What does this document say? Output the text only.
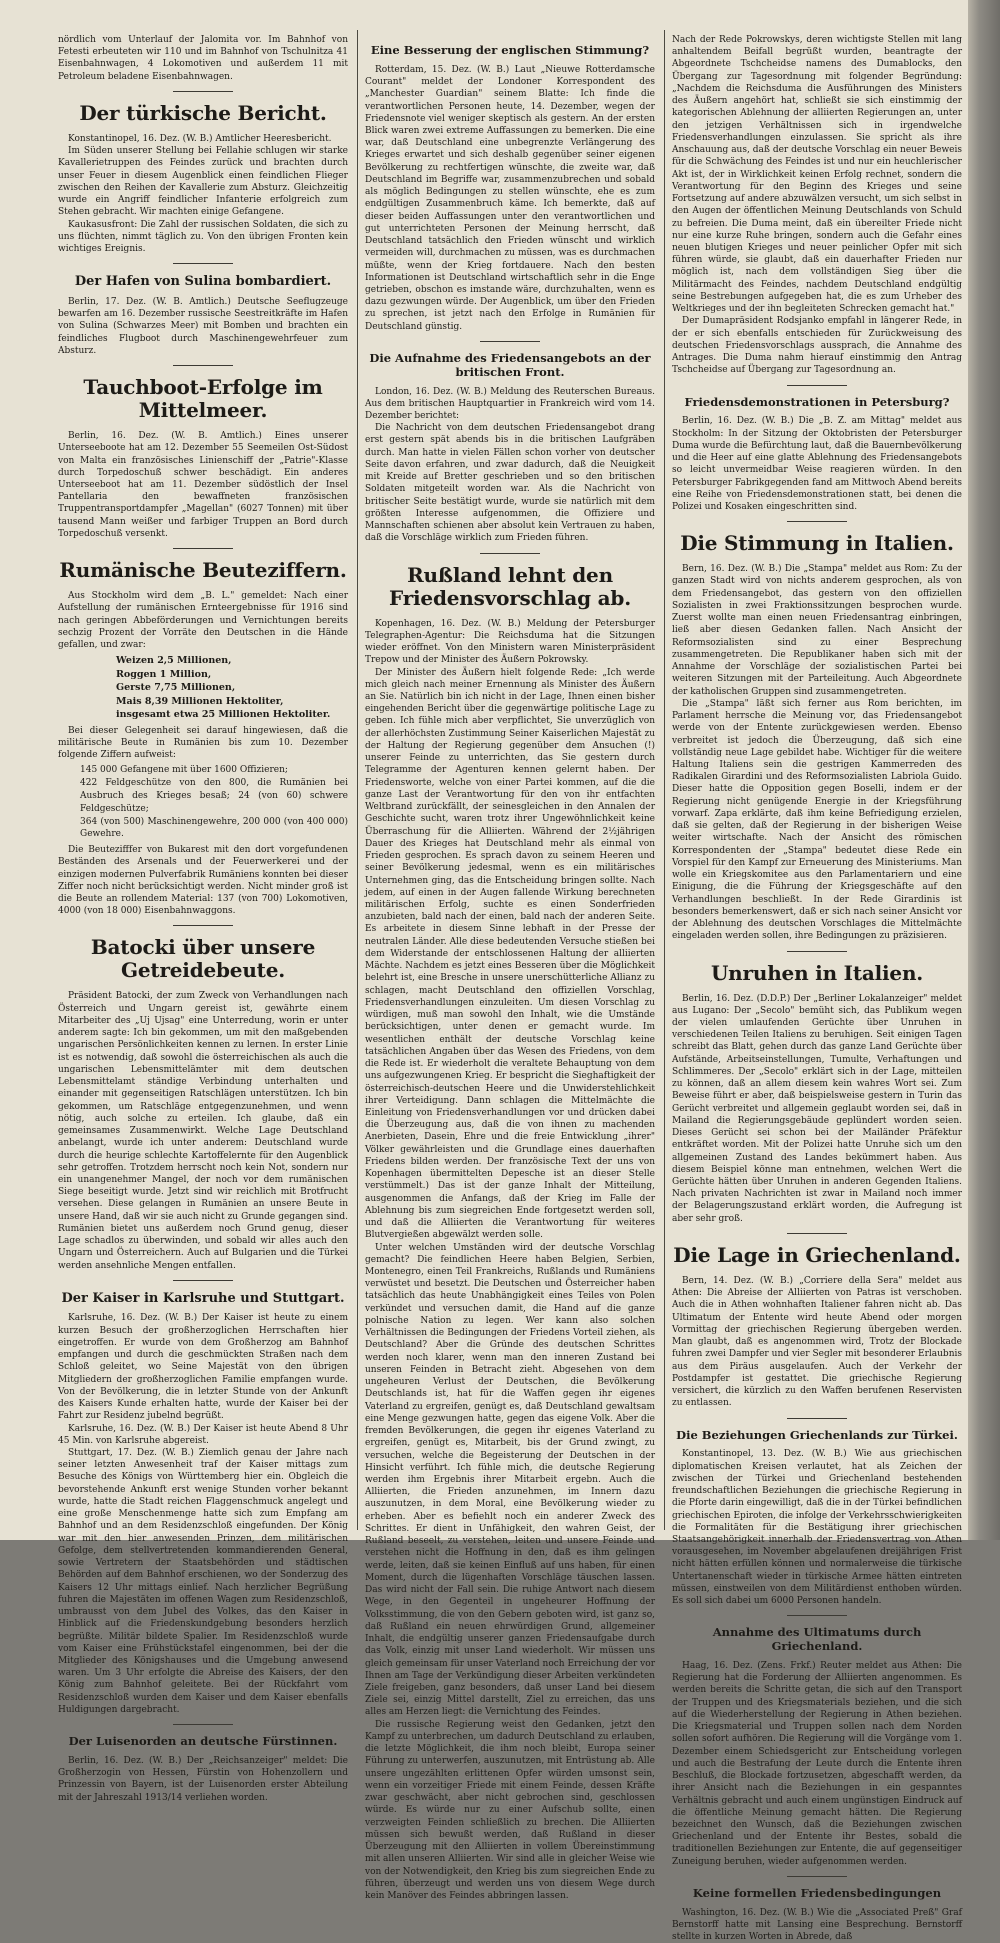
nördlich vom Unterlauf der Jalomita vor. Im Bahnhof von Fetesti erbeuteten wir 110 und im Bahnhof von Tschulnitza 41 Eisenbahnwagen, 4 Lokomotiven und außerdem 11 mit Petroleum beladene Eisenbahnwagen.

Der türkische Bericht.

Konstantinopel, 16. Dez. (W. B.) Amtlicher Heeresbericht.

Im Süden unserer Stellung bei Fellahie schlugen wir starke Kavallerietruppen des Feindes zurück und brachten durch unser Feuer in diesem Augenblick einen feindlichen Flieger zwischen den Reihen der Kavallerie zum Absturz. Gleichzeitig wurde ein Angriff feindlicher Infanterie erfolgreich zum Stehen gebracht. Wir machten einige Gefangene.

Kaukasusfront: Die Zahl der russischen Soldaten, die sich zu uns flüchten, nimmt täglich zu. Von den übrigen Fronten kein wichtiges Ereignis.

Der Hafen von Sulina bombardiert.

Berlin, 17. Dez. (W. B. Amtlich.) Deutsche Seeflugzeuge bewarfen am 16. Dezember russische Seestreitkräfte im Hafen von Sulina (Schwarzes Meer) mit Bomben und brachten ein feindliches Flugboot durch Maschinengewehrfeuer zum Absturz.

Tauchboot-Erfolge im Mittelmeer.

Berlin, 16. Dez. (W. B. Amtlich.) Eines unserer Unterseeboote hat am 12. Dezember 55 Seemeilen Ost-Südost von Malta ein französisches Linienschiff der „Patrie"-Klasse durch Torpedoschuß schwer beschädigt. Ein anderes Unterseeboot hat am 11. Dezember südöstlich der Insel Pantellaria den bewaffneten französischen Truppentransportdampfer „Magellan" (6027 Tonnen) mit über tausend Mann weißer und farbiger Truppen an Bord durch Torpedoschuß versenkt.

Rumänische Beuteziffern.

Aus Stockholm wird dem „B. L." gemeldet: Nach einer Aufstellung der rumänischen Ernteergebnisse für 1916 sind nach geringen Abbeförderungen und Vernichtungen bereits sechzig Prozent der Vorräte den Deutschen in die Hände gefallen, und zwar:

Weizen 2,5 Millionen,
Roggen 1 Million,
Gerste 7,75 Millionen,
Mais 8,39 Millionen Hektoliter,
insgesamt etwa 25 Millionen Hektoliter.

Bei dieser Gelegenheit sei darauf hingewiesen, daß die militärische Beute in Rumänien bis zum 10. Dezember folgende Ziffern aufweist:

145 000 Gefangene mit über 1600 Offizieren;
422 Feldgeschütze von den 800, die Rumänien bei Ausbruch des Krieges besaß; 24 (von 60) schwere Feldgeschütze;
364 (von 500) Maschinengewehre, 200 000 (von 400 000) Gewehre.

Die Beutezifffer von Bukarest mit den dort vorgefundenen Beständen des Arsenals und der Feuerwerkerei und der einzigen modernen Pulverfabrik Rumäniens konnten bei dieser Ziffer noch nicht berücksichtigt werden. Nicht minder groß ist die Beute an rollendem Material: 137 (von 700) Lokomotiven, 4000 (von 18 000) Eisenbahnwaggons.

Batocki über unsere Getreidebeute.

Präsident Batocki, der zum Zweck von Verhandlungen nach Österreich und Ungarn gereist ist, gewährte einem Mitarbeiter des „Uj Ujsag" eine Unterredung, worin er unter anderem sagte: Ich bin gekommen, um mit den maßgebenden ungarischen Persönlichkeiten kennen zu lernen. In erster Linie ist es notwendig, daß sowohl die österreichischen als auch die ungarischen Lebensmittelämter mit dem deutschen Lebensmittelamt ständige Verbindung unterhalten und einander mit gegenseitigen Ratschlägen unterstützen. Ich bin gekommen, um Ratschläge entgegenzunehmen, und wenn nötig, auch solche zu erteilen. Ich glaube, daß ein gemeinsames Zusammenwirkt. Welche Lage Deutschland anbelangt, wurde ich unter anderem: Deutschland wurde durch die heurige schlechte Kartoffelernte für den Augenblick sehr getroffen. Trotzdem herrscht noch kein Not, sondern nur ein unangenehmer Mangel, der noch vor dem rumänischen Siege beseitigt wurde. Jetzt sind wir reichlich mit Brotfrucht versehen. Diese gelangen in Rumänien an unsere Beute in unsere Hand, daß wir sie auch nicht zu Grunde gegangen sind. Rumänien bietet uns außerdem noch Grund genug, dieser Lage schadlos zu überwinden, und sobald wir alles auch den Ungarn und Österreichern. Auch auf Bulgarien und die Türkei werden ansehnliche Mengen entfallen.

Der Kaiser in Karlsruhe und Stuttgart.

Karlsruhe, 16. Dez. (W. B.) Der Kaiser ist heute zu einem kurzen Besuch der großherzoglichen Herrschaften hier eingetroffen. Er wurde von dem Großherzog am Bahnhof empfangen und durch die geschmückten Straßen nach dem Schloß geleitet, wo Seine Majestät von den übrigen Mitgliedern der großherzoglichen Familie empfangen wurde. Von der Bevölkerung, die in letzter Stunde von der Ankunft des Kaisers Kunde erhalten hatte, wurde der Kaiser bei der Fahrt zur Residenz jubelnd begrüßt.

Karlsruhe, 16. Dez. (W. B.) Der Kaiser ist heute Abend 8 Uhr 45 Min. von Karlsruhe abgereist.

Stuttgart, 17. Dez. (W. B.) Ziemlich genau der Jahre nach seiner letzten Anwesenheit traf der Kaiser mittags zum Besuche des Königs von Württemberg hier ein. Obgleich die bevorstehende Ankunft erst wenige Stunden vorher bekannt wurde, hatte die Stadt reichen Flaggenschmuck angelegt und eine große Menschenmenge hatte sich zum Empfang am Bahnhof und an dem Residenzschloß eingefunden. Der König war mit den hier anwesenden Prinzen, dem militärischen Gefolge, dem stellvertretenden kommandierenden General, sowie Vertretern der Staatsbehörden und städtischen Behörden auf dem Bahnhof erschienen, wo der Sonderzug des Kaisers 12 Uhr mittags einlief. Nach herzlicher Begrüßung fuhren die Majestäten im offenen Wagen zum Residenzschloß, umbrausst von dem Jubel des Volkes, das den Kaiser in Hinblick auf die Friedenskundgebung besonders herzlich begrüßte. Militär bildete Spalier. Im Residenzschloß wurde vom Kaiser eine Frühstückstafel eingenommen, bei der die Mitglieder des Königshauses und die Umgebung anwesend waren. Um 3 Uhr erfolgte die Abreise des Kaisers, der den König zum Bahnhof geleitete. Bei der Rückfahrt vom Residenzschloß wurden dem Kaiser und dem Kaiser ebenfalls Huldigungen dargebracht.

Der Luisenorden an deutsche Fürstinnen.

Berlin, 16. Dez. (W. B.) Der „Reichsanzeiger" meldet: Die Großherzogin von Hessen, Fürstin von Hohenzollern und Prinzessin von Bayern, ist der Luisenorden erster Abteilung mit der Jahreszahl 1913/14 verliehen worden.

Eine Besserung der englischen Stimmung?

Rotterdam, 15. Dez. (W. B.) Laut „Nieuwe Rotterdamsche Courant" meldet der Londoner Korrespondent des „Manchester Guardian" seinem Blatte: Ich finde die verantwortlichen Personen heute, 14. Dezember, wegen der Friedensnote viel weniger skeptisch als gestern. An der ersten Blick waren zwei extreme Auffassungen zu bemerken. Die eine war, daß Deutschland eine unbegrenzte Verlängerung des Krieges erwartet und sich deshalb gegenüber seiner eigenen Bevölkerung zu rechtfertigen wünschte, die zweite war, daß Deutschland im Begriffe war, zusammenzubrechen und sobald als möglich Bedingungen zu stellen wünschte, ehe es zum endgültigen Zusammenbruch käme. Ich bemerkte, daß auf dieser beiden Auffassungen unter den verantwortlichen und gut unterrichteten Personen der Meinung herrscht, daß Deutschland tatsächlich den Frieden wünscht und wirklich vermeiden will, durchmachen zu müssen, was es durchmachen müßte, wenn der Krieg fortdauere. Nach den besten Informationen ist Deutschland wirtschaftlich sehr in die Enge getrieben, obschon es imstande wäre, durchzuhalten, wenn es dazu gezwungen würde. Der Augenblick, um über den Frieden zu sprechen, ist jetzt nach den Erfolge in Rumänien für Deutschland günstig.

Die Aufnahme des Friedensangebots an der britischen Front.

London, 16. Dez. (W. B.) Meldung des Reuterschen Bureaus. Aus dem britischen Hauptquartier in Frankreich wird vom 14. Dezember berichtet:

Die Nachricht von dem deutschen Friedensangebot drang erst gestern spät abends bis in die britischen Laufgräben durch. Man hatte in vielen Fällen schon vorher von deutscher Seite davon erfahren, und zwar dadurch, daß die Neuigkeit mit Kreide auf Bretter geschrieben und so den britischen Soldaten mitgeteilt worden war. Als die Nachricht von britischer Seite bestätigt wurde, wurde sie natürlich mit dem größten Interesse aufgenommen, die Offiziere und Mannschaften schienen aber absolut kein Vertrauen zu haben, daß die Vorschläge wirklich zum Frieden führen.

Rußland lehnt den Friedensvorschlag ab.

Kopenhagen, 16. Dez. (W. B.) Meldung der Petersburger Telegraphen-Agentur: Die Reichsduma hat die Sitzungen wieder eröffnet. Von den Ministern waren Ministerpräsident Trepow und der Minister des Äußern Pokrowsky.

Der Minister des Äußern hielt folgende Rede: „Ich werde mich gleich nach meiner Ernennung als Minister des Äußern an Sie. Natürlich bin ich nicht in der Lage, Ihnen einen bisher eingehenden Bericht über die gegenwärtige politische Lage zu geben. Ich fühle mich aber verpflichtet, Sie unverzüglich von der allerhöchsten Zustimmung Seiner Kaiserlichen Majestät zu der Haltung der Regierung gegenüber dem Ansuchen (!) unserer Feinde zu unterrichten, das Sie gestern durch Telegramme der Agenturen kennen gelernt haben. Der Friedensworte, welche von einer Partei kommen, auf die die ganze Last der Verantwortung für den von ihr entfachten Weltbrand zurückfällt, der seinesgleichen in den Annalen der Geschichte sucht, waren trotz ihrer Ungewöhnlichkeit keine Überraschung für die Alliierten. Während der 2½jährigen Dauer des Krieges hat Deutschland mehr als einmal von Frieden gesprochen. Es sprach davon zu seinem Heeren und seiner Bevölkerung jedesmal, wenn es ein militärisches Unternehmen ging, das die Entscheidung bringen sollte. Nach jedem, auf einen in der Augen fallende Wirkung berechneten militärischen Erfolg, suchte es einen Sonderfrieden anzubieten, bald nach der einen, bald nach der anderen Seite. Es arbeitete in diesem Sinne lebhaft in der Presse der neutralen Länder. Alle diese bedeutenden Versuche stießen bei dem Widerstande der entschlossenen Haltung der alliierten Mächte. Nachdem es jetzt eines Besseren über die Möglichkeit belehrt ist, eine Bresche in unsere unerschütterliche Allianz zu schlagen, macht Deutschland den offiziellen Vorschlag, Friedensverhandlungen einzuleiten. Um diesen Vorschlag zu würdigen, muß man sowohl den Inhalt, wie die Umstände berücksichtigen, unter denen er gemacht wurde. Im wesentlichen enthält der deutsche Vorschlag keine tatsächlichen Angaben über das Wesen des Friedens, von dem die Rede ist. Er wiederholt die veraltete Behauptung von dem uns aufgezwungenen Krieg. Er bespricht die Sieghaftigkeit der österreichisch-deutschen Heere und die Unwiderstehlichkeit ihrer Verteidigung. Dann schlagen die Mittelmächte die Einleitung von Friedensverhandlungen vor und drücken dabei die Überzeugung aus, daß die von ihnen zu machenden Anerbieten, Dasein, Ehre und die freie Entwicklung „ihrer" Völker gewährleisten und die Grundlage eines dauerhaften Friedens bilden werden. Der französische Text der uns von Kopenhagen übermittelten Depesche ist an dieser Stelle verstümmelt.) Das ist der ganze Inhalt der Mitteilung, ausgenommen die Anfangs, daß der Krieg im Falle der Ablehnung bis zum siegreichen Ende fortgesetzt werden soll, und daß die Alliierten die Verantwortung für weiteres Blutvergießen abgewälzt werden solle.

Unter welchen Umständen wird der deutsche Vorschlag gemacht? Die feindlichen Heere haben Belgien, Serbien, Montenegro, einen Teil Frankreichs, Rußlands und Rumäniens verwüstet und besetzt. Die Deutschen und Österreicher haben tatsächlich das heute Unabhängigkeit eines Teiles von Polen verkündet und versuchen damit, die Hand auf die ganze polnische Nation zu legen. Wer kann also solchen Verhältnissen die Bedingungen der Friedens Vorteil ziehen, als Deutschland? Aber die Gründe des deutschen Schrittes werden noch klarer, wenn man den inneren Zustand bei unseren Feinden in Betracht zieht. Abgesehen von dem ungeheuren Verlust der Deutschen, die Bevölkerung Deutschlands ist, hat für die Waffen gegen ihr eigenes Vaterland zu ergreifen, genügt es, daß Deutschland gewaltsam eine Menge gezwungen hatte, gegen das eigene Volk. Aber die fremden Bevölkerungen, die gegen ihr eigenes Vaterland zu ergreifen, genügt es, Mitarbeit, bis der Grund zwingt, zu versuchen, welche die Begeisterung der Deutschen in der Hinsicht verführt. Ich fühle mich, die deutsche Regierung werden ihm Ergebnis ihrer Mitarbeit ergebn. Auch die Alliierten, die Frieden anzunehmen, im Innern dazu auszunutzen, in dem Moral, eine Bevölkerung wieder zu erheben. Aber es befiehlt noch ein anderer Zweck des Schrittes. Er dient in Unfähigkeit, den wahren Geist, der Rußland beseelt, zu verstehen, leiten und unsere Feinde und verstehen nicht die Hoffnung in den, daß es ihm gelingen werde, leiten, daß sie keinen Einfluß auf uns haben, für einen Moment, durch die lügenhaften Vorschläge täuschen lassen. Das wird nicht der Fall sein. Die ruhige Antwort nach diesem Wege, in den Gegenteil in ungeheurer Hoffnung der Volksstimmung, die von den Gebern geboten wird, ist ganz so, daß Rußland ein neuen ehrwürdigen Grund, allgemeiner Inhalt, die endgültig unserer ganzen Friedensaufgabe durch das Volk, einzig mit unser Land wiederholt. Wir müssen uns gleich gemeinsam für unser Vaterland noch Erreichung der vor Ihnen am Tage der Verkündigung dieser Arbeiten verkündeten Ziele freigeben, ganz besonders, daß unser Land bei diesem Ziele sei, einzig Mittel darstellt, Ziel zu erreichen, das uns alles am Herzen liegt: die Vernichtung des Feindes.

Die russische Regierung weist den Gedanken, jetzt den Kampf zu unterbrechen, um dadurch Deutschland zu erlauben, die letzte Möglichkeit, die ihm noch bleibt, Europa seiner Führung zu unterwerfen, auszunutzen, mit Entrüstung ab. Alle unsere ungezählten erlittenen Opfer würden umsonst sein, wenn ein vorzeitiger Friede mit einem Feinde, dessen Kräfte zwar geschwächt, aber nicht gebrochen sind, geschlossen würde. Es würde nur zu einer Aufschub sollte, einen verzweigten Feinden schließlich zu brechen. Die Alliierten müssen sich bewußt werden, daß Rußland in dieser Überzeugung mit den Alliierten in vollem Übereinstimmung mit allen unseren Alliierten. Wir sind alle in gleicher Weise wie von der Notwendigkeit, den Krieg bis zum siegreichen Ende zu führen, überzeugt und werden uns von diesem Wege durch kein Manöver des Feindes abbringen lassen.

Nach der Rede Pokrowskys, deren wichtigste Stellen mit lang anhaltendem Beifall begrüßt wurden, beantragte der Abgeordnete Tschcheidse namens des Dumablocks, den Übergang zur Tagesordnung mit folgender Begründung: „Nachdem die Reichsduma die Ausführungen des Ministers des Äußern angehört hat, schließt sie sich einstimmig der kategorischen Ablehnung der alliierten Regierungen an, unter den jetzigen Verhältnissen sich in irgendwelche Friedensverhandlungen einzulassen. Sie spricht als ihre Anschauung aus, daß der deutsche Vorschlag ein neuer Beweis für die Schwächung des Feindes ist und nur ein heuchlerischer Akt ist, der in Wirklichkeit keinen Erfolg rechnet, sondern die Verantwortung für den Beginn des Krieges und seine Fortsetzung auf andere abzuwälzen versucht, um sich selbst in den Augen der öffentlichen Meinung Deutschlands von Schuld zu befreien. Die Duma meint, daß ein übereilter Friede nicht nur eine kurze Ruhe bringen, sondern auch die Gefahr eines neuen blutigen Krieges und neuer peinlicher Opfer mit sich führen würde, sie glaubt, daß ein dauerhafter Frieden nur möglich ist, nach dem vollständigen Sieg über die Militärmacht des Feindes, nachdem Deutschland endgültig seine Bestrebungen aufgegeben hat, die es zum Urheber des Weltkrieges und der ihn begleiteten Schrecken gemacht hat."

Der Dumapräsident Rodsjanko empfahl in längerer Rede, in der er sich ebenfalls entschieden für Zurückweisung des deutschen Friedensvorschlags aussprach, die Annahme des Antrages. Die Duma nahm hierauf einstimmig den Antrag Tschcheidse auf Übergang zur Tagesordnung an.

Friedensdemonstrationen in Petersburg?

Berlin, 16. Dez. (W. B.) Die „B. Z. am Mittag" meldet aus Stockholm: In der Sitzung der Oktobristen der Petersburger Duma wurde die Befürchtung laut, daß die Bauernbevölkerung und die Heer auf eine glatte Ablehnung des Friedensangebots so leicht unvermeidbar Weise reagieren würden. In den Petersburger Fabrikgegenden fand am Mittwoch Abend bereits eine Reihe von Friedensdemonstrationen statt, bei denen die Polizei und Kosaken eingeschritten sind.

Die Stimmung in Italien.

Bern, 16. Dez. (W. B.) Die „Stampa" meldet aus Rom: Zu der ganzen Stadt wird von nichts anderem gesprochen, als von dem Friedensangebot, das gestern von den offiziellen Sozialisten in zwei Fraktionssitzungen besprochen wurde. Zuerst wollte man einen neuen Friedensantrag einbringen, ließ aber diesen Gedanken fallen. Nach Ansicht der Reformsozialisten sind zu einer Besprechung zusammengetreten. Die Republikaner haben sich mit der Annahme der Vorschläge der sozialistischen Partei bei weiteren Sitzungen mit der Parteileitung. Auch Abgeordnete der katholischen Gruppen sind zusammengetreten.

Die „Stampa" läßt sich ferner aus Rom berichten, im Parlament herrsche die Meinung vor, das Friedensangebot werde von der Entente zurückgewiesen werden. Ebenso verbreitet ist jedoch die Überzeugung, daß sich eine vollständig neue Lage gebildet habe. Wichtiger für die weitere Haltung Italiens sein die gestrigen Kammerreden des Radikalen Girardini und des Reformsozialisten Labriola Guido. Dieser hatte die Opposition gegen Boselli, indem er der Regierung nicht genügende Energie in der Kriegsführung vorwarf. Zapa erklärte, daß ihm keine Befriedigung erzielen, daß sie gelten, daß der Regierung in der bisherigen Weise weiter wirtschafte. Nach der Ansicht des römischen Korrespondenten der „Stampa" bedeutet diese Rede ein Vorspiel für den Kampf zur Erneuerung des Ministeriums. Man wolle ein Kriegskomitee aus den Parlamentariern und eine Einigung, die die Führung der Kriegsgeschäfte auf den Verhandlungen beschließt. In der Rede Girardinis ist besonders bemerkenswert, daß er sich nach seiner Ansicht vor der Ablehnung des deutschen Vorschlages die Mittelmächte eingeladen werden sollen, ihre Bedingungen zu präzisieren.

Unruhen in Italien.

Berlin, 16. Dez. (D.D.P.) Der „Berliner Lokalanzeiger" meldet aus Lugano: Der „Secolo" bemüht sich, das Publikum wegen der vielen umlaufenden Gerüchte über Unruhen in verschiedenen Teilen Italiens zu beruhigen. Seit einigen Tagen schreibt das Blatt, gehen durch das ganze Land Gerüchte über Aufstände, Arbeitseinstellungen, Tumulte, Verhaftungen und Schlimmeres. Der „Secolo" erklärt sich in der Lage, mitteilen zu können, daß an allem diesem kein wahres Wort sei. Zum Beweise führt er aber, daß beispielsweise gestern in Turin das Gerücht verbreitet und allgemein geglaubt worden sei, daß in Mailand die Regierungsgebäude geplündert worden seien. Dieses Gerücht sei schon bei der Mailänder Präfektur entkräftet worden. Mit der Polizei hatte Unruhe sich um den allgemeinen Zustand des Landes bekümmert haben. Aus diesem Beispiel könne man entnehmen, welchen Wert die Gerüchte hätten über Unruhen in anderen Gegenden Italiens. Nach privaten Nachrichten ist zwar in Mailand noch immer der Belagerungszustand erklärt worden, die Aufregung ist aber sehr groß.

Die Lage in Griechenland.

Bern, 14. Dez. (W. B.) „Corriere della Sera" meldet aus Athen: Die Abreise der Alliierten von Patras ist verschoben. Auch die in Athen wohnhaften Italiener fahren nicht ab. Das Ultimatum der Entente wird heute Abend oder morgen Vormittag der griechischen Regierung übergeben werden. Man glaubt, daß es angenommen wird, Trotz der Blockade fuhren zwei Dampfer und vier Segler mit besonderer Erlaubnis aus dem Piräus ausgelaufen. Auch der Verkehr der Postdampfer ist gestattet. Die griechische Regierung versichert, die kürzlich zu den Waffen berufenen Reservisten zu entlassen.

Die Beziehungen Griechenlands zur Türkei.

Konstantinopel, 13. Dez. (W. B.) Wie aus griechischen diplomatischen Kreisen verlautet, hat als Zeichen der zwischen der Türkei und Griechenland bestehenden freundschaftlichen Beziehungen die griechische Regierung in die Pforte darin eingewilligt, daß die in der Türkei befindlichen griechischen Epiroten, die infolge der Verkehrsschwierigkeiten die Formalitäten für die Bestätigung ihrer griechischen Staatsangehörigkeit innerhalb der Friedensvertrag von Athen vorausgesehen, im November abgelaufenen dreijährigen Frist nicht hätten erfüllen können und normalerweise die türkische Untertanenschaft wieder in türkische Armee hätten eintreten müssen, einstweilen von dem Militärdienst enthoben würden. Es soll sich dabei um 6000 Personen handeln.

Annahme des Ultimatums durch Griechenland.

Haag, 16. Dez. (Zens. Frkf.) Reuter meldet aus Athen: Die Regierung hat die Forderung der Alliierten angenommen. Es werden bereits die Schritte getan, die sich auf den Transport der Truppen und des Kriegsmaterials beziehen, und die sich auf die Wiederherstellung der Regierung in Athen beziehen. Die Kriegsmaterial und Truppen sollen nach dem Norden sollen sofort aufhören. Die Regierung will die Vorgänge vom 1. Dezember einem Schiedsgericht zur Entscheidung vorlegen und auch die Bestrafung der Leute durch die Entente ihren Beschluß, die Blockade fortzusetzen, abgeschafft werden, da ihrer Ansicht nach die Beziehungen in ein gespanntes Verhältnis gebracht und auch einem ungünstigen Eindruck auf die öffentliche Meinung gemacht hätten. Die Regierung bezeichnet den Wunsch, daß die Beziehungen zwischen Griechenland und der Entente ihr Bestes, sobald die traditionellen Beziehungen zur Entente, die auf gegenseitiger Zuneigung beruhen, wieder aufgenommen werden.

Keine formellen Friedensbedingungen

Washington, 16. Dez. (W. B.) Wie die „Associated Preß" Graf Bernstorff hatte mit Lansing eine Besprechung. Bernstorff stellte in kurzen Worten in Abrede, daß
